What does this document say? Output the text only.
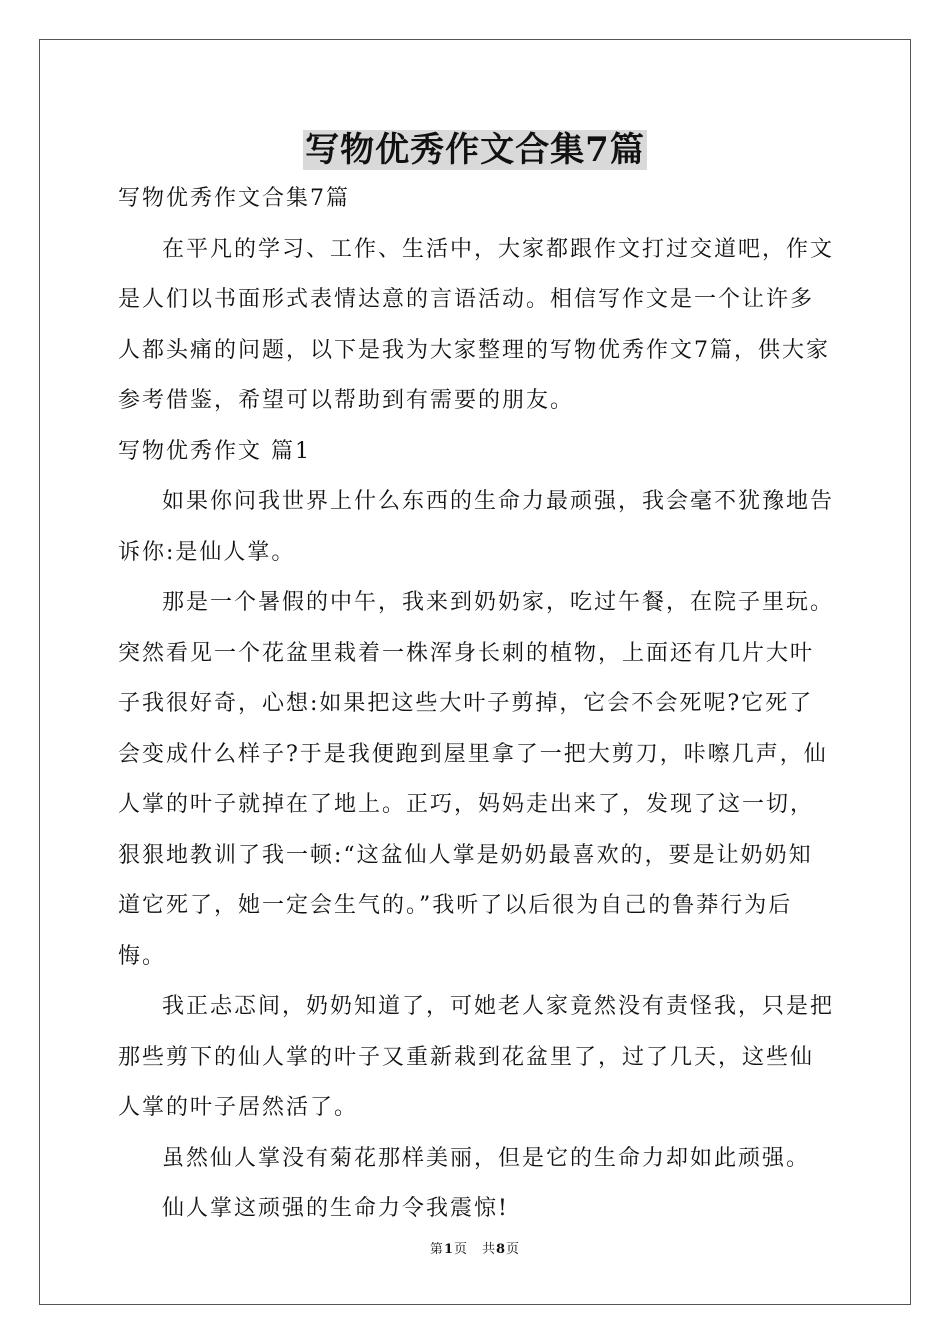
写物优秀作文合集7篇

写物优秀作文合集7篇

在平凡的学习、工作、生活中，大家都跟作文打过交道吧，作文是人们以书面形式表情达意的言语活动。相信写作文是一个让许多人都头痛的问题，以下是我为大家整理的写物优秀作文7篇，供大家参考借鉴，希望可以帮助到有需要的朋友。

写物优秀作文 篇1

如果你问我世界上什么东西的生命力最顽强，我会毫不犹豫地告诉你:是仙人掌。

那是一个暑假的中午，我来到奶奶家，吃过午餐，在院子里玩。突然看见一个花盆里栽着一株浑身长刺的植物，上面还有几片大叶子我很好奇，心想:如果把这些大叶子剪掉，它会不会死呢?它死了会变成什么样子?于是我便跑到屋里拿了一把大剪刀，咔嚓几声，仙人掌的叶子就掉在了地上。正巧，妈妈走出来了，发现了这一切，狠狠地教训了我一顿:“这盆仙人掌是奶奶最喜欢的，要是让奶奶知道它死了，她一定会生气的。”我听了以后很为自己的鲁莽行为后悔。

我正忐忑间，奶奶知道了，可她老人家竟然没有责怪我，只是把那些剪下的仙人掌的叶子又重新栽到花盆里了，过了几天，这些仙人掌的叶子居然活了。

虽然仙人掌没有菊花那样美丽，但是它的生命力却如此顽强。

仙人掌这顽强的生命力令我震惊!

第1页　共8页
